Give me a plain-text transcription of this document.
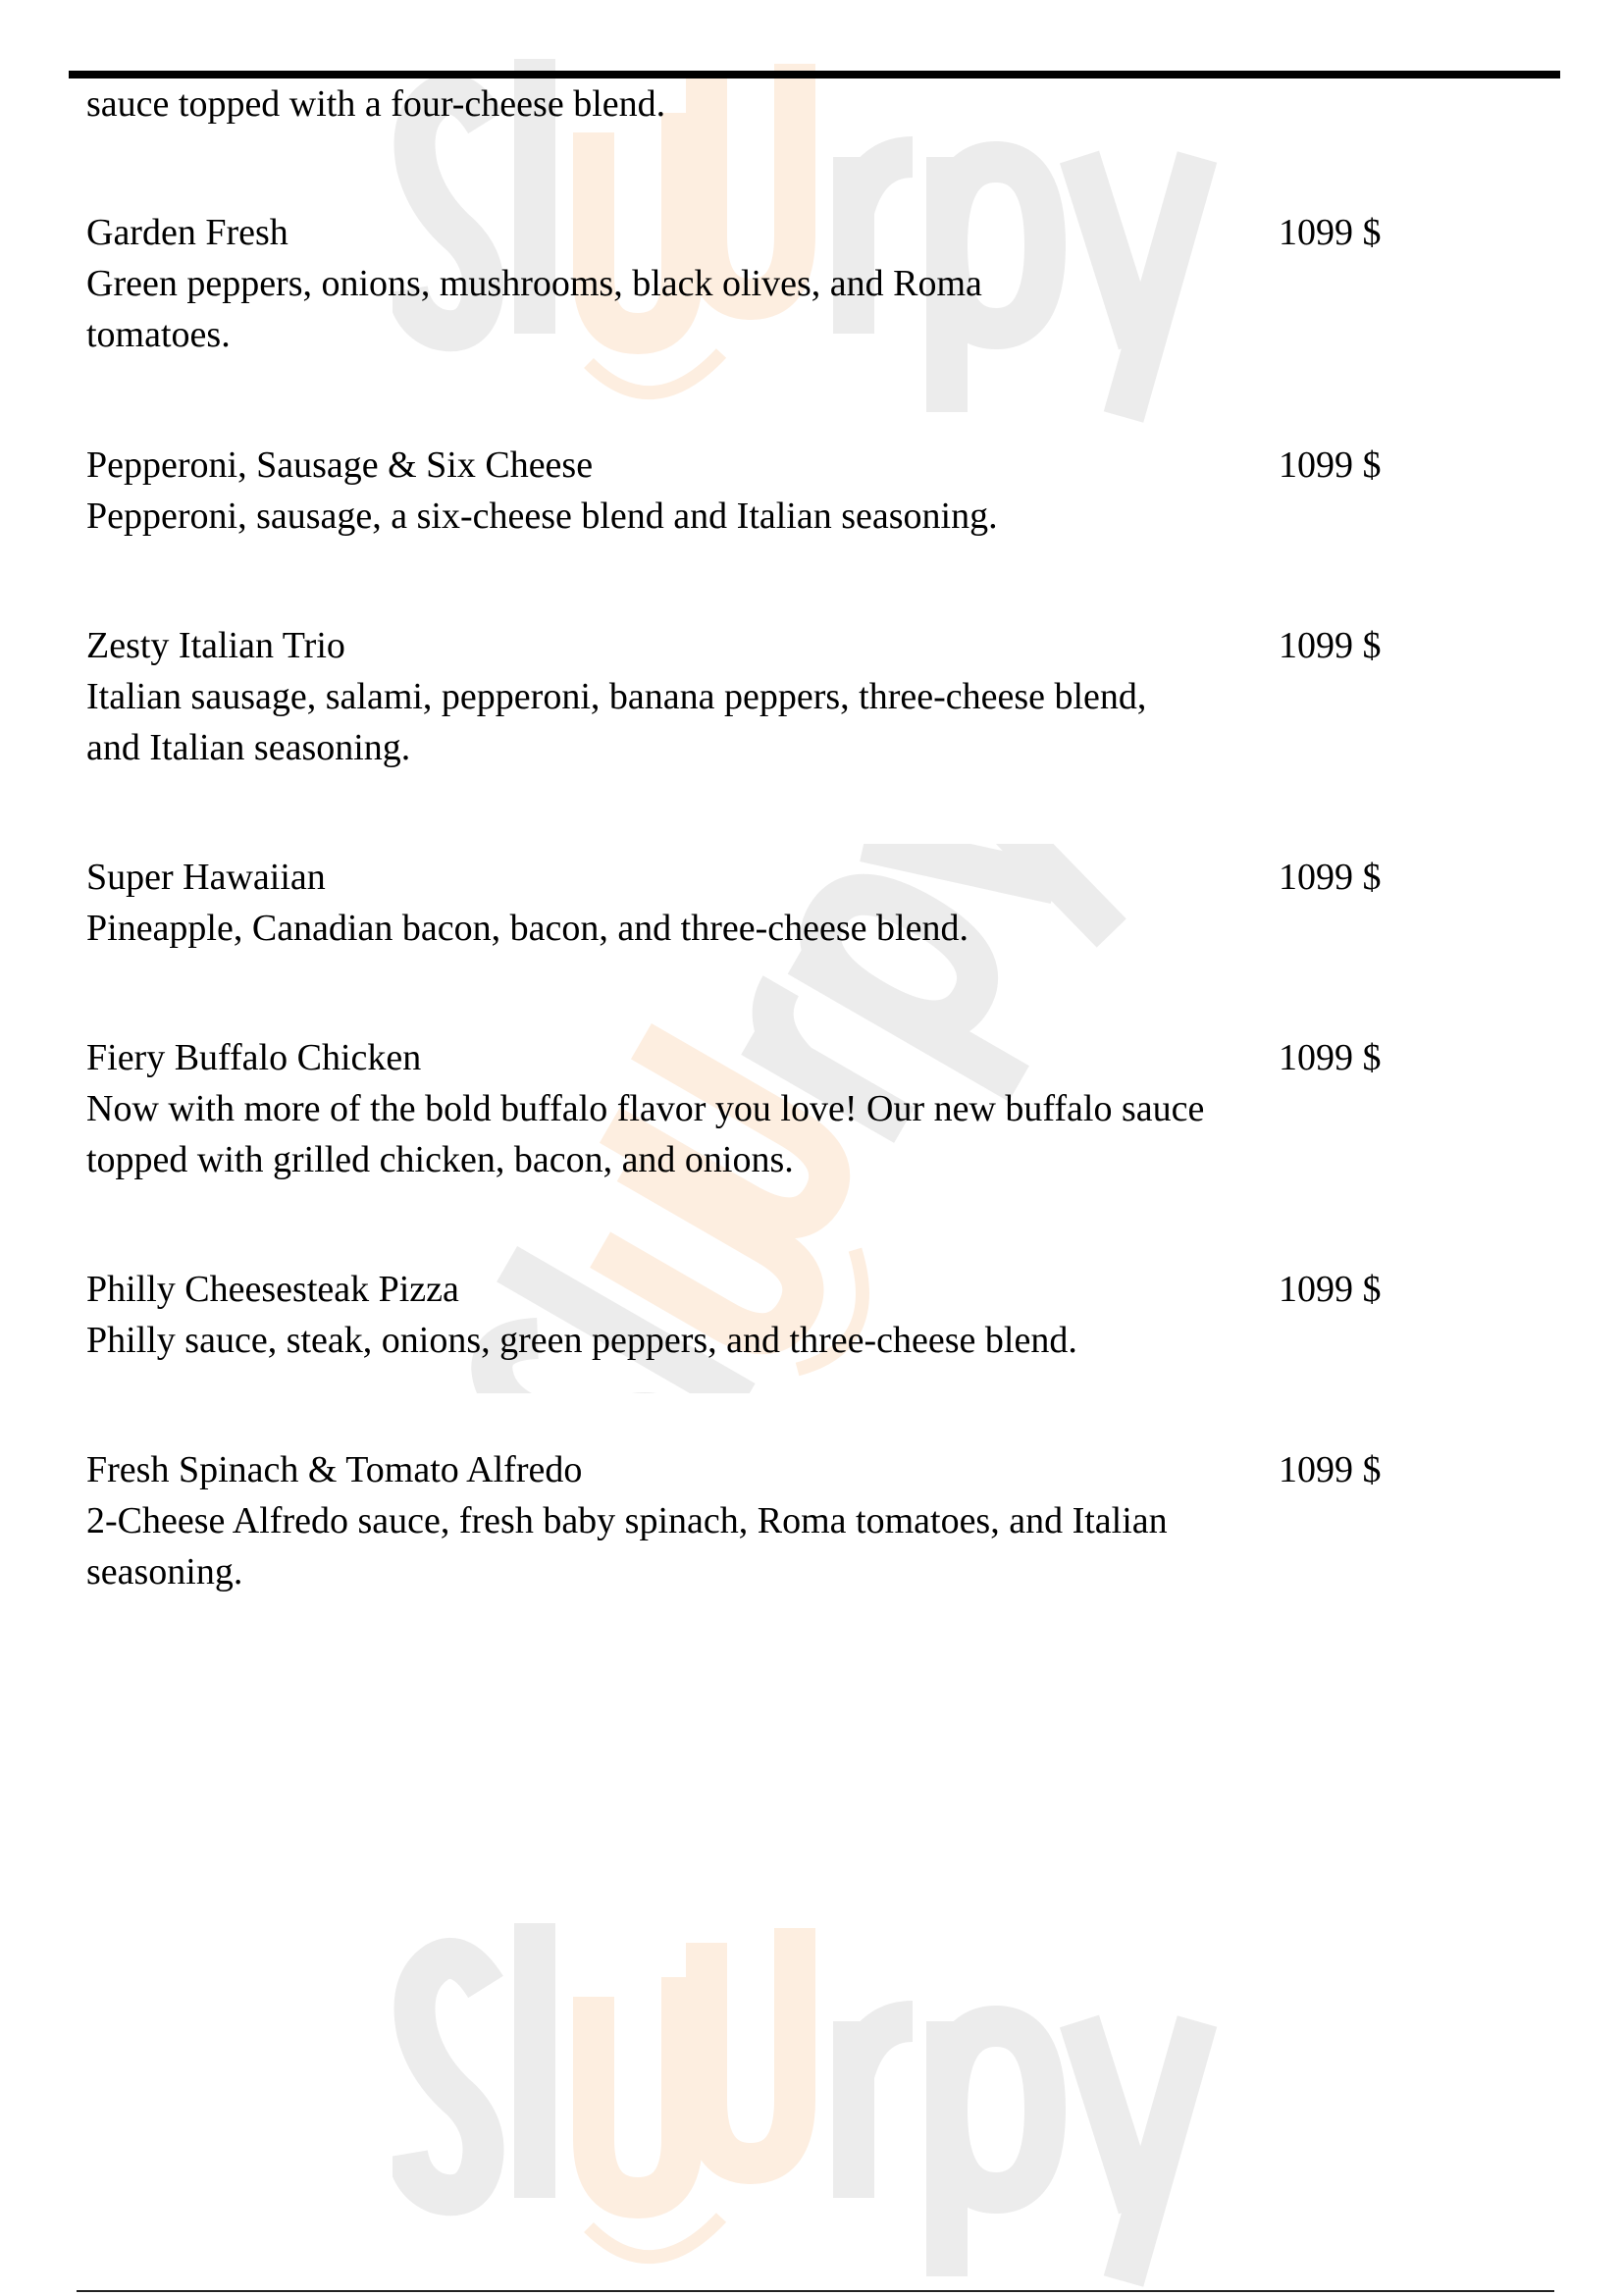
sauce topped with a four-cheese blend.
Garden Fresh	1099 $
Green peppers, onions, mushrooms, black olives, and Roma tomatoes.
Pepperoni, Sausage & Six Cheese	1099 $
Pepperoni, sausage, a six-cheese blend and Italian seasoning.
Zesty Italian Trio	1099 $
Italian sausage, salami, pepperoni, banana peppers, three-cheese blend, and Italian seasoning.
Super Hawaiian	1099 $
Pineapple, Canadian bacon, bacon, and three-cheese blend.
Fiery Buffalo Chicken	1099 $
Now with more of the bold buffalo flavor you love! Our new buffalo sauce topped with grilled chicken, bacon, and onions.
Philly Cheesesteak Pizza	1099 $
Philly sauce, steak, onions, green peppers, and three-cheese blend.
Fresh Spinach & Tomato Alfredo	1099 $
2-Cheese Alfredo sauce, fresh baby spinach, Roma tomatoes, and Italian seasoning.
